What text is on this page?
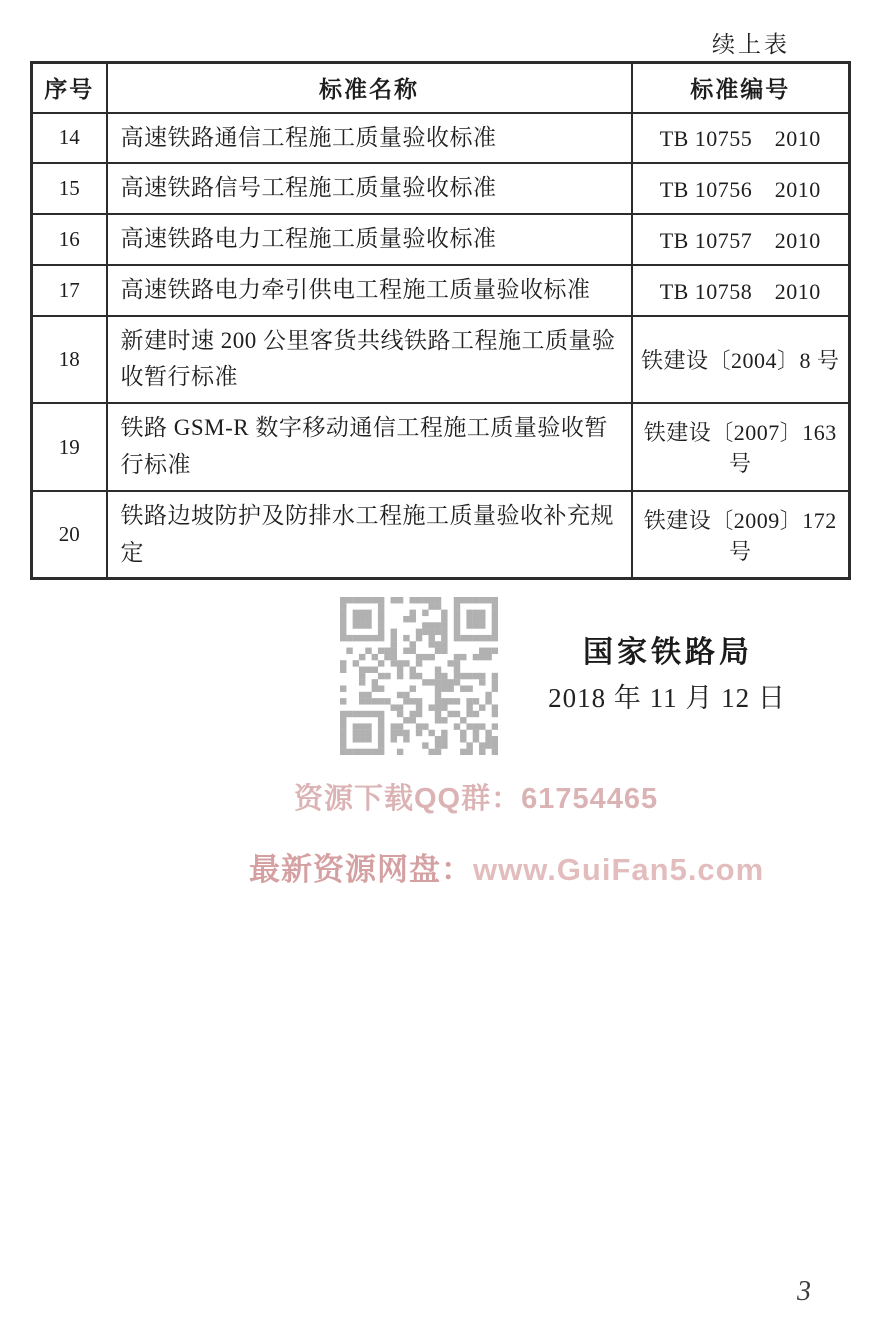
续上表
序号	标准名称	标准编号
14	高速铁路通信工程施工质量验收标准	TB 10755　2010
15	高速铁路信号工程施工质量验收标准	TB 10756　2010
16	高速铁路电力工程施工质量验收标准	TB 10757　2010
17	高速铁路电力牵引供电工程施工质量验收标准	TB 10758　2010
18	新建时速 200 公里客货共线铁路工程施工质量验收暂行标准	铁建设〔2004〕8 号
19	铁路 GSM-R 数字移动通信工程施工质量验收暂行标准	铁建设〔2007〕163 号
20	铁路边坡防护及防排水工程施工质量验收补充规定	铁建设〔2009〕172 号
国家铁路局
2018 年 11 月 12 日
资源下载QQ群：61754465
最新资源网盘：www.GuiFan5.com
3
